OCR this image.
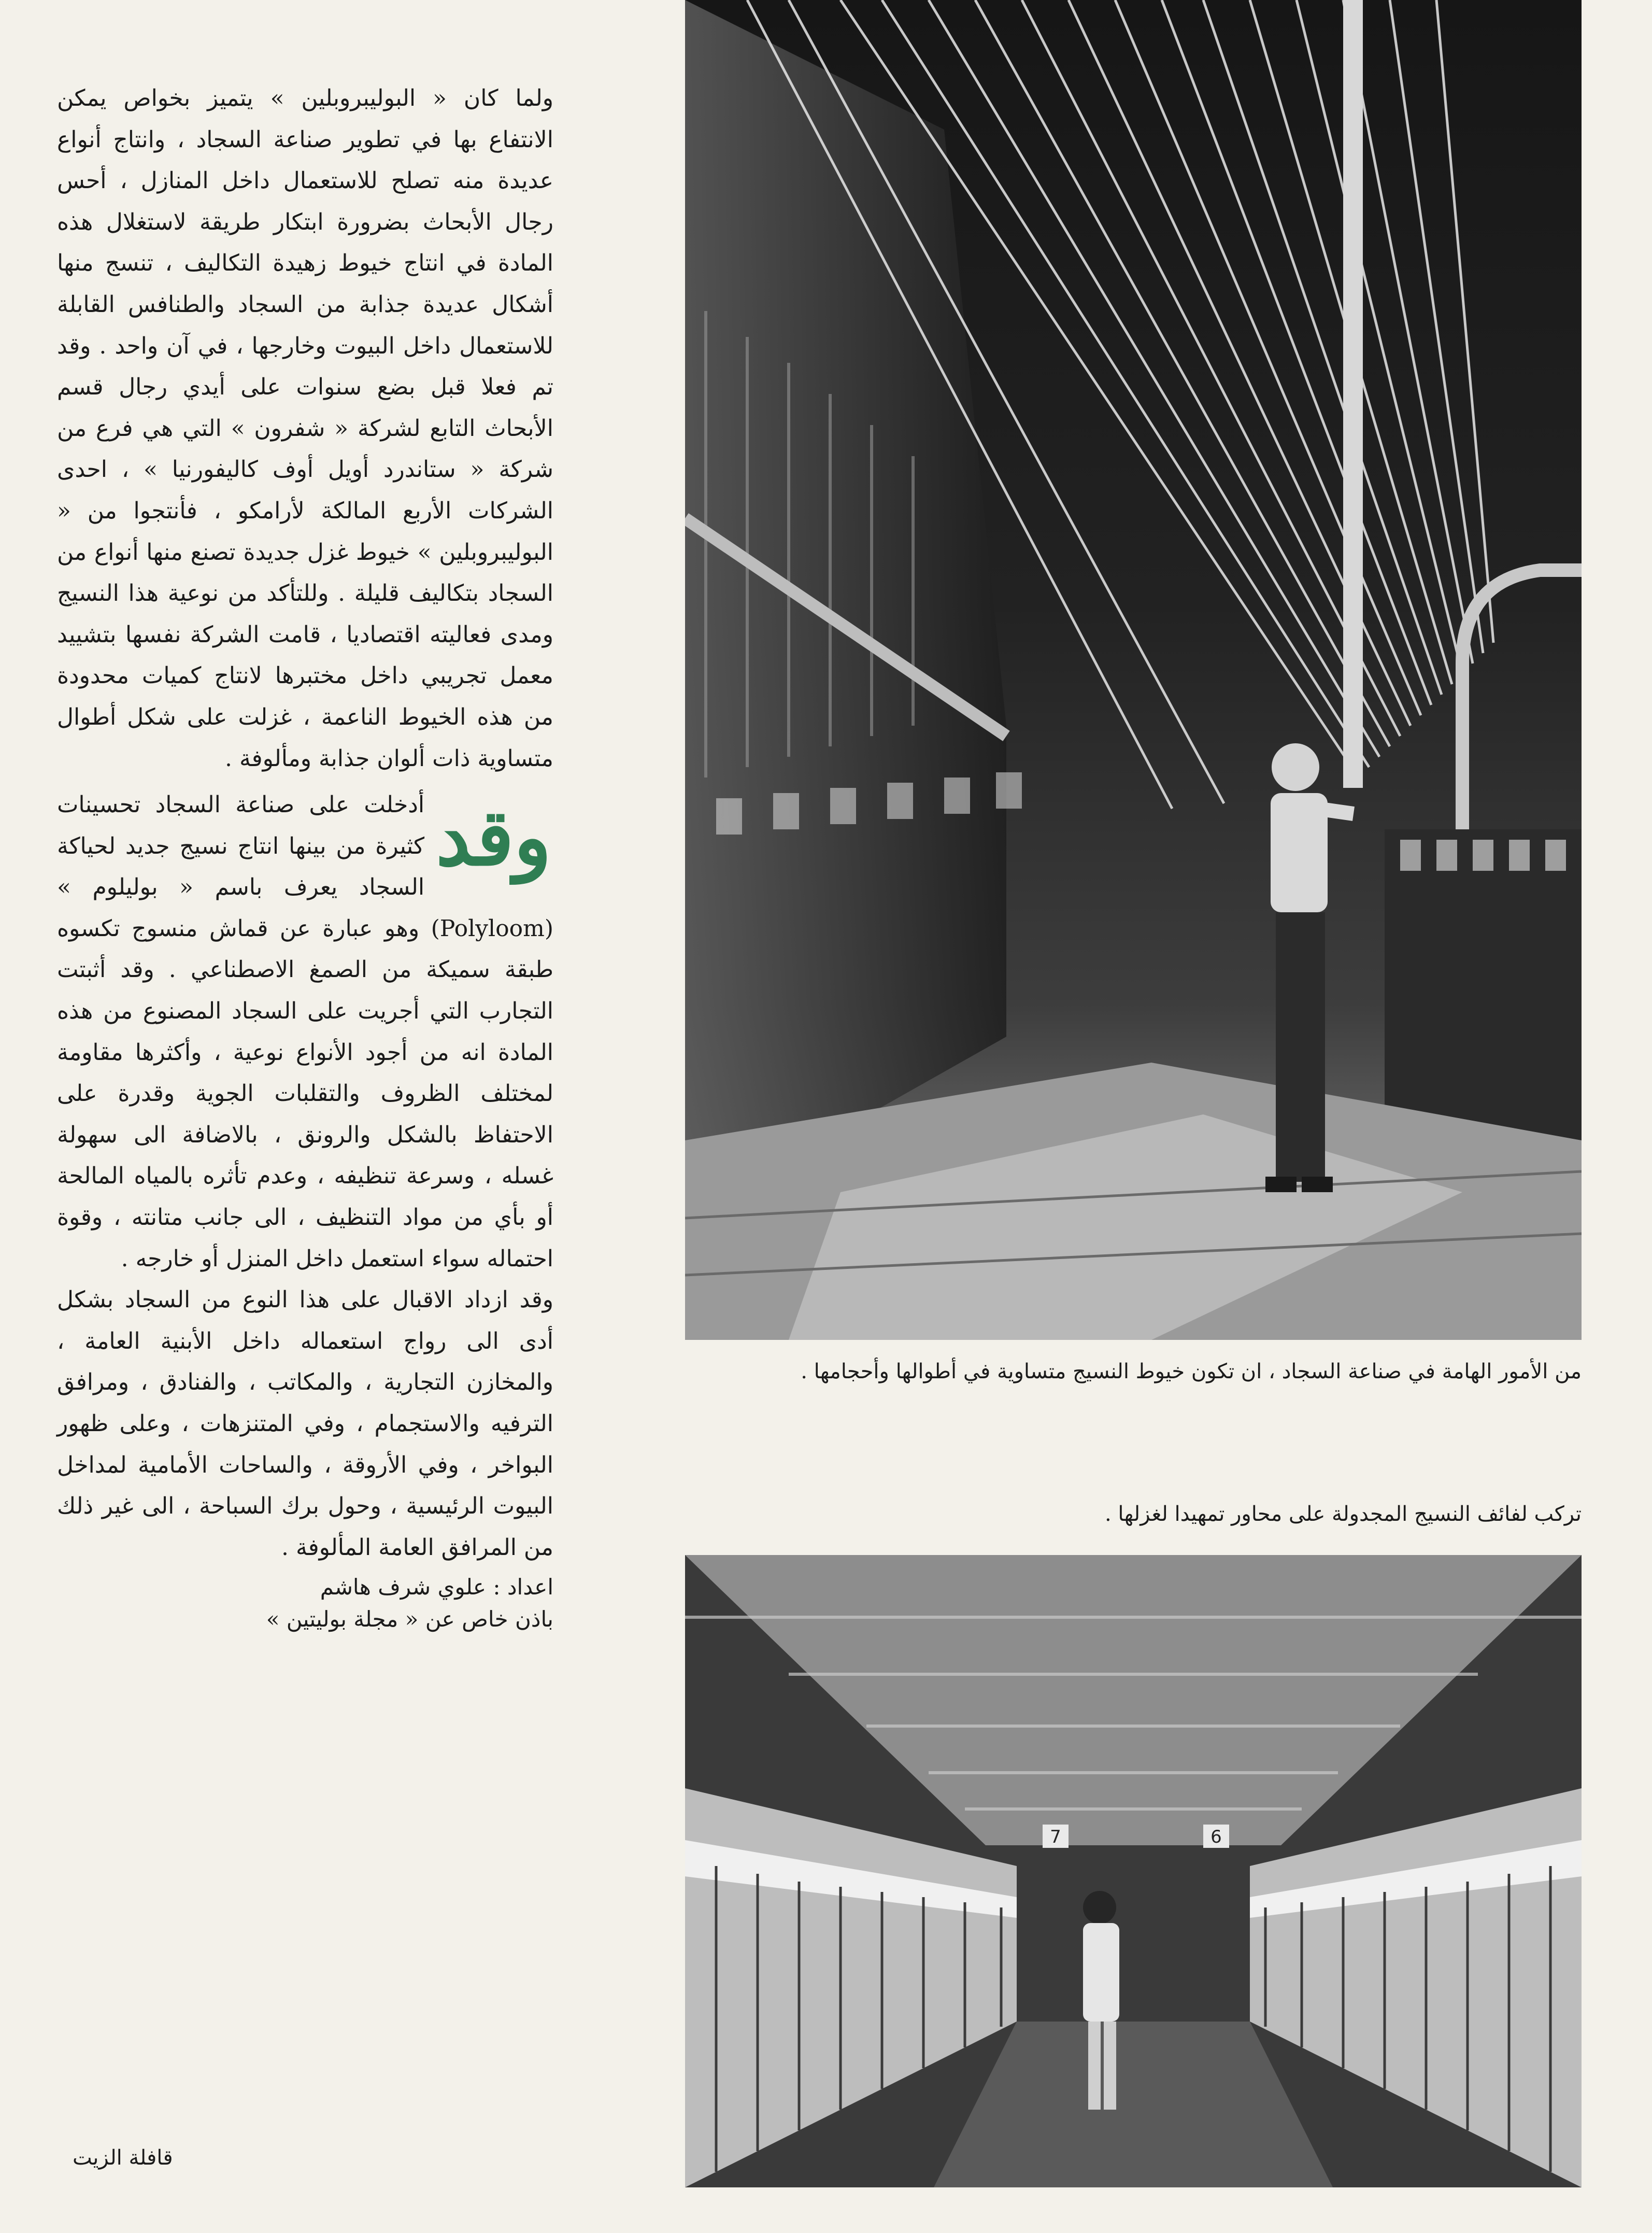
ولما كان « البوليبروبلين » يتميز بخواص يمكن الانتفاع بها في تطوير صناعة السجاد ، وانتاج أنواع عديدة منه تصلح للاستعمال داخل المنازل ، أحس رجال الأبحاث بضرورة ابتكار طريقة لاستغلال هذه المادة في انتاج خيوط زهيدة التكاليف ، تنسج منها أشكال عديدة جذابة من السجاد والطنافس القابلة للاستعمال داخل البيوت وخارجها ، في آن واحد . وقد تم فعلا قبل بضع سنوات على أيدي رجال قسم الأبحاث التابع لشركة « شفرون » التي هي فرع من شركة « ستاندرد أويل أوف كاليفورنيا » ، احدى الشركات الأربع المالكة لأرامكو ، فأنتجوا من « البوليبروبلين » خيوط غزل جديدة تصنع منها أنواع من السجاد بتكاليف قليلة . وللتأكد من نوعية هذا النسيج ومدى فعاليته اقتصاديا ، قامت الشركة نفسها بتشييد معمل تجريبي داخل مختبرها لانتاج كميات محدودة من هذه الخيوط الناعمة ، غزلت على شكل أطوال متساوية ذات ألوان جذابة ومألوفة .

وقد
أدخلت على صناعة السجاد تحسينات كثيرة من بينها انتاج نسيج جديد لحياكة السجاد يعرف باسم « بوليلوم » (Polyloom) وهو عبارة عن قماش منسوج تكسوه طبقة سميكة من الصمغ الاصطناعي . وقد أثبتت التجارب التي أجريت على السجاد المصنوع من هذه المادة انه من أجود الأنواع نوعية ، وأكثرها مقاومة لمختلف الظروف والتقلبات الجوية وقدرة على الاحتفاظ بالشكل والرونق ، بالاضافة الى سهولة غسله ، وسرعة تنظيفه ، وعدم تأثره بالمياه المالحة أو بأي من مواد التنظيف ، الى جانب متانته ، وقوة احتماله سواء استعمل داخل المنزل أو خارجه .

وقد ازداد الاقبال على هذا النوع من السجاد بشكل أدى الى رواج استعماله داخل الأبنية العامة ، والمخازن التجارية ، والمكاتب ، والفنادق ، ومرافق الترفيه والاستجمام ، وفي المتنزهات ، وعلى ظهور البواخر ، وفي الأروقة ، والساحات الأمامية لمداخل البيوت الرئيسية ، وحول برك السباحة ، الى غير ذلك من المرافق العامة المألوفة .

اعداد : علوي شرف هاشم
باذن خاص عن « مجلة بوليتين »
من الأمور الهامة في صناعة السجاد ، ان تكون خيوط النسيج متساوية في أطوالها وأحجامها .
تركب لفائف النسيج المجدولة على محاور تمهيدا لغزلها .
7	6
قافلة الزيت
